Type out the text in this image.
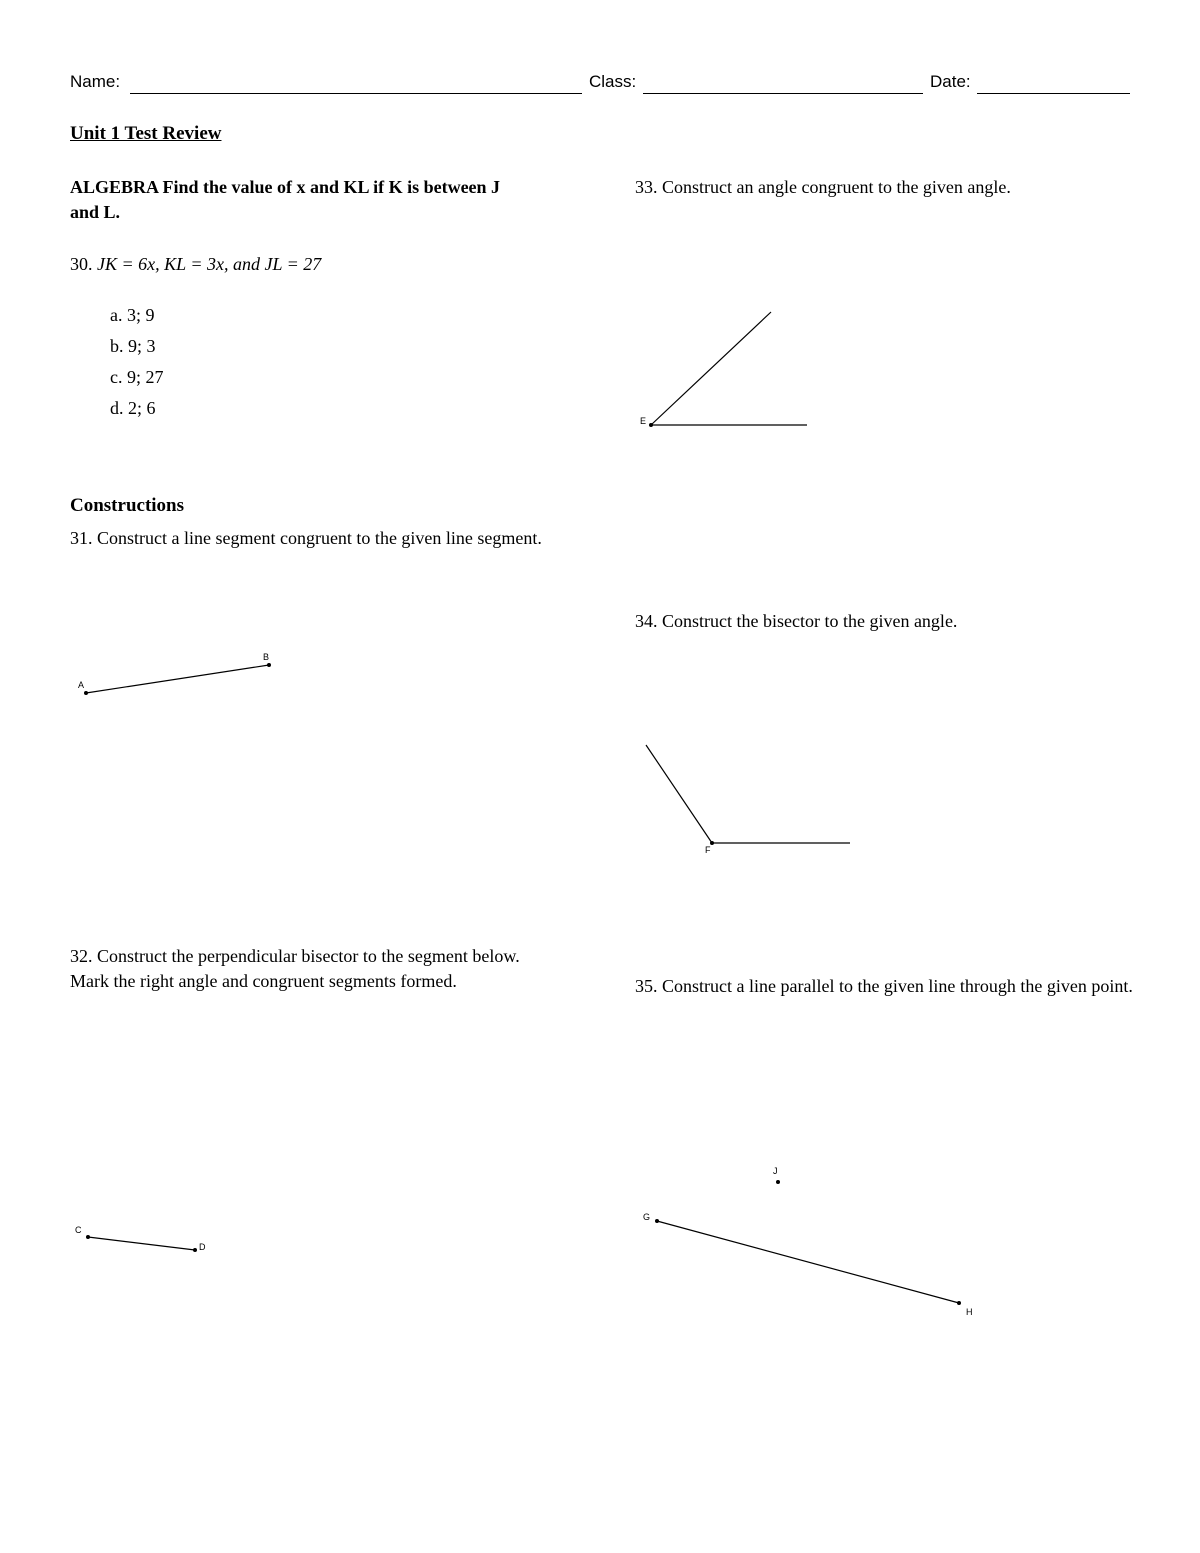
Name:	Class:	Date:
Unit 1 Test Review
ALGEBRA Find the value of x and KL if K is between J and L.
30. JK = 6x, KL = 3x, and JL = 27
a. 3; 9
b. 9; 3
c. 9; 27
d. 2; 6
Constructions
31. Construct a line segment congruent to the given line segment.
32. Construct the perpendicular bisector to the segment below. Mark the right angle and congruent segments formed.
33. Construct an angle congruent to the given angle.
34. Construct the bisector to the given angle.
35. Construct a line parallel to the given line through the given point.
A
B
C
D
E
F
G
H
J
